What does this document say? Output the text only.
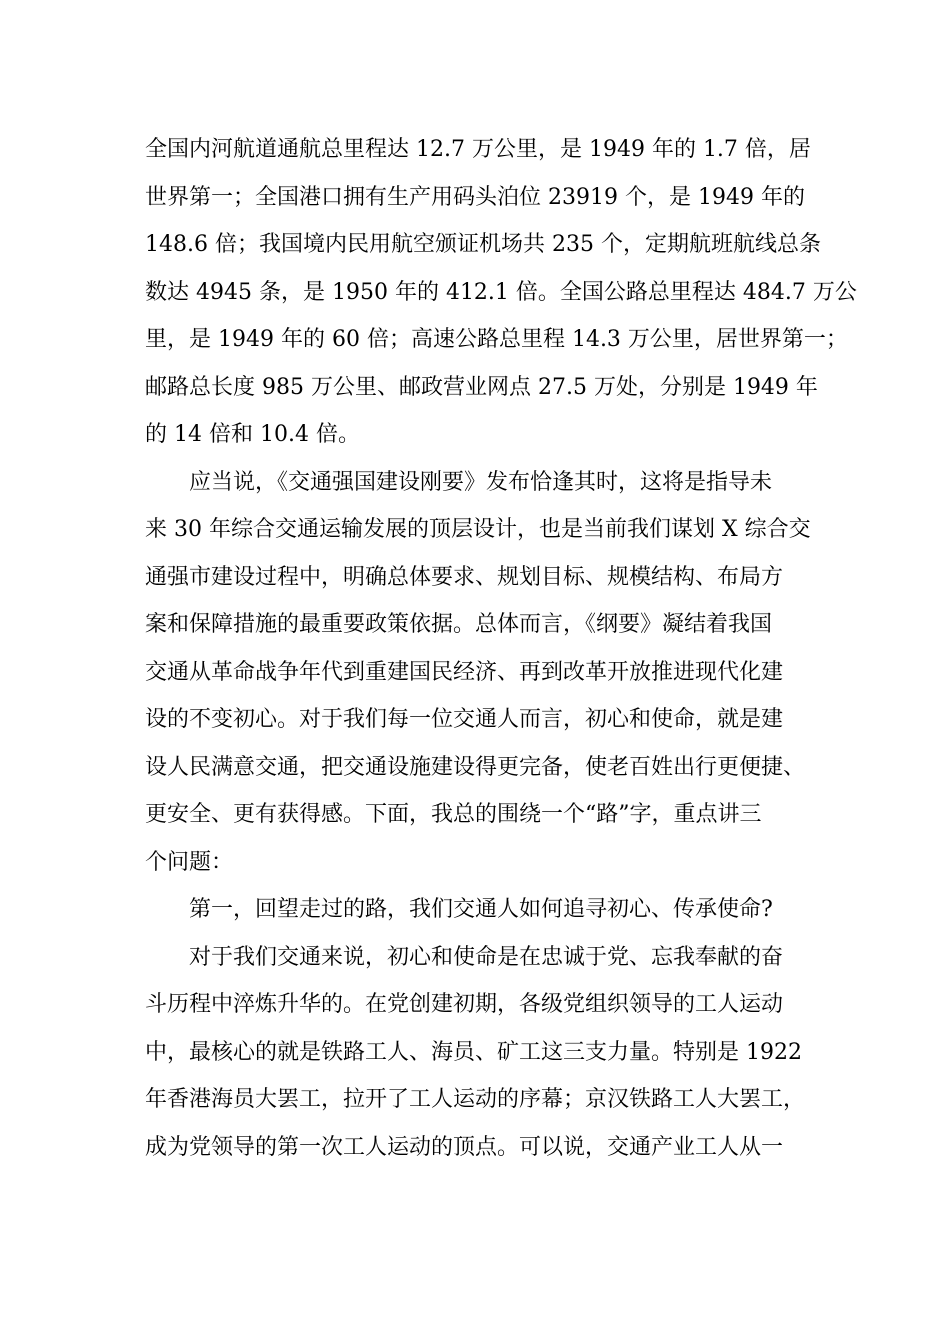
全国内河航道通航总里程达 12.7 万公里，是 1949 年的 1.7 倍，居
世界第一；全国港口拥有生产用码头泊位 23919 个，是 1949 年的
148.6 倍；我国境内民用航空颁证机场共 235 个，定期航班航线总条
数达 4945 条，是 1950 年的 412.1 倍。全国公路总里程达 484.7 万公
里，是 1949 年的 60 倍；高速公路总里程 14.3 万公里，居世界第一；
邮路总长度 985 万公里、邮政营业网点 27.5 万处，分别是 1949 年
的 14 倍和 10.4 倍。
应当说，《交通强国建设刚要》发布恰逢其时，这将是指导未
来 30 年综合交通运输发展的顶层设计，也是当前我们谋划 X 综合交
通强市建设过程中，明确总体要求、规划目标、规模结构、布局方
案和保障措施的最重要政策依据。总体而言，《纲要》凝结着我国
交通从革命战争年代到重建国民经济、再到改革开放推进现代化建
设的不变初心。对于我们每一位交通人而言，初心和使命，就是建
设人民满意交通，把交通设施建设得更完备，使老百姓出行更便捷、
更安全、更有获得感。下面，我总的围绕一个“路”字，重点讲三
个问题：
第一，回望走过的路，我们交通人如何追寻初心、传承使命?
对于我们交通来说，初心和使命是在忠诚于党、忘我奉献的奋
斗历程中淬炼升华的。在党创建初期，各级党组织领导的工人运动
中，最核心的就是铁路工人、海员、矿工这三支力量。特别是 1922
年香港海员大罢工，拉开了工人运动的序幕；京汉铁路工人大罢工，
成为党领导的第一次工人运动的顶点。可以说，交通产业工人从一
